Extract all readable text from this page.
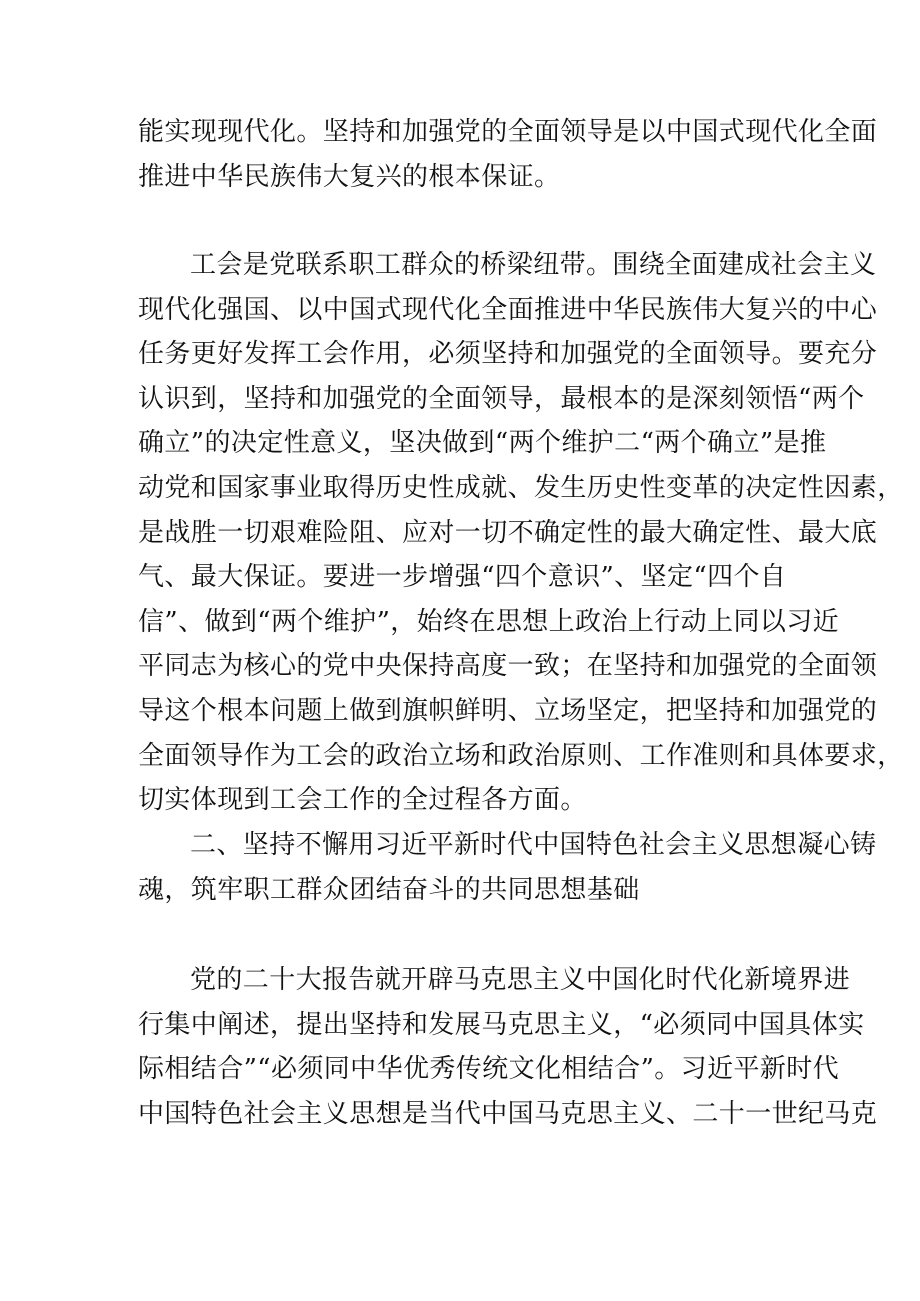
能实现现代化。坚持和加强党的全面领导是以中国式现代化全面
推进中华民族伟大复兴的根本保证。
工会是党联系职工群众的桥梁纽带。围绕全面建成社会主义
现代化强国、以中国式现代化全面推进中华民族伟大复兴的中心
任务更好发挥工会作用，必须坚持和加强党的全面领导。要充分
认识到，坚持和加强党的全面领导，最根本的是深刻领悟“两个
确立”的决定性意义，坚决做到“两个维护二“两个确立”是推
动党和国家事业取得历史性成就、发生历史性变革的决定性因素，
是战胜一切艰难险阻、应对一切不确定性的最大确定性、最大底
气、最大保证。要进一步增强“四个意识”、坚定“四个自
信”、做到“两个维护”，始终在思想上政治上行动上同以习近
平同志为核心的党中央保持高度一致；在坚持和加强党的全面领
导这个根本问题上做到旗帜鲜明、立场坚定，把坚持和加强党的
全面领导作为工会的政治立场和政治原则、工作准则和具体要求，
切实体现到工会工作的全过程各方面。
二、坚持不懈用习近平新时代中国特色社会主义思想凝心铸
魂，筑牢职工群众团结奋斗的共同思想基础
党的二十大报告就开辟马克思主义中国化时代化新境界进
行集中阐述，提出坚持和发展马克思主义，“必须同中国具体实
际相结合”“必须同中华优秀传统文化相结合”。习近平新时代
中国特色社会主义思想是当代中国马克思主义、二十一世纪马克
